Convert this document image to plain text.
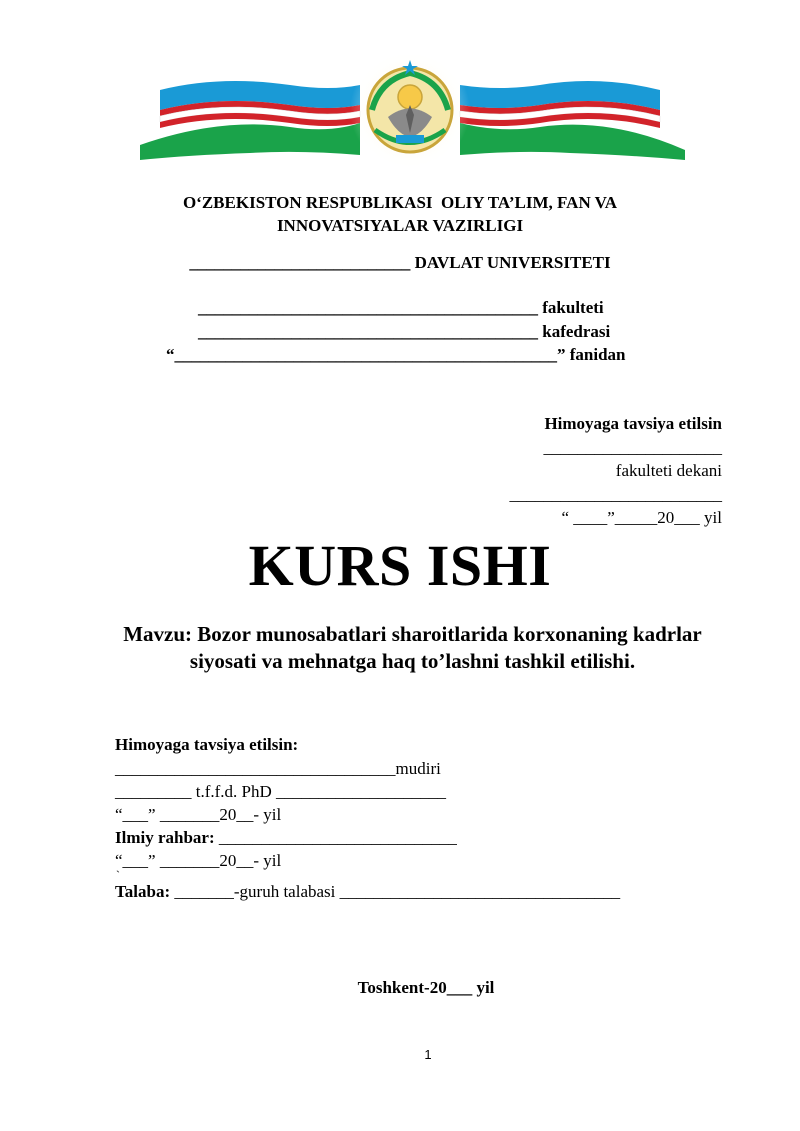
O‘ZBEKISTON RESPUBLIKASI  OLIY TA’LIM, FAN VA
INNOVATSIYALAR VAZIRLIGI
__________________________ DAVLAT UNIVERSITETI
________________________________________ fakulteti
________________________________________ kafedrasi
“_____________________________________________” fanidan
Himoyaga tavsiya etilsin
_____________________
fakulteti dekani
_________________________
“ ____”_____20___ yil
KURS ISHI
Mavzu: Bozor munosabatlari sharoitlarida korxonaning kadrlar
siyosati va mehnatga haq to’lashni tashkil etilishi.
Himoyaga tavsiya etilsin:
_________________________________mudiri
_________ t.f.f.d. PhD ____________________
“___” _______20__- yil
Ilmiy rahbar: ____________________________
“___” _______20__- yil
`
Talaba: _______-guruh talabasi _________________________________
Toshkent-20___ yil
1
